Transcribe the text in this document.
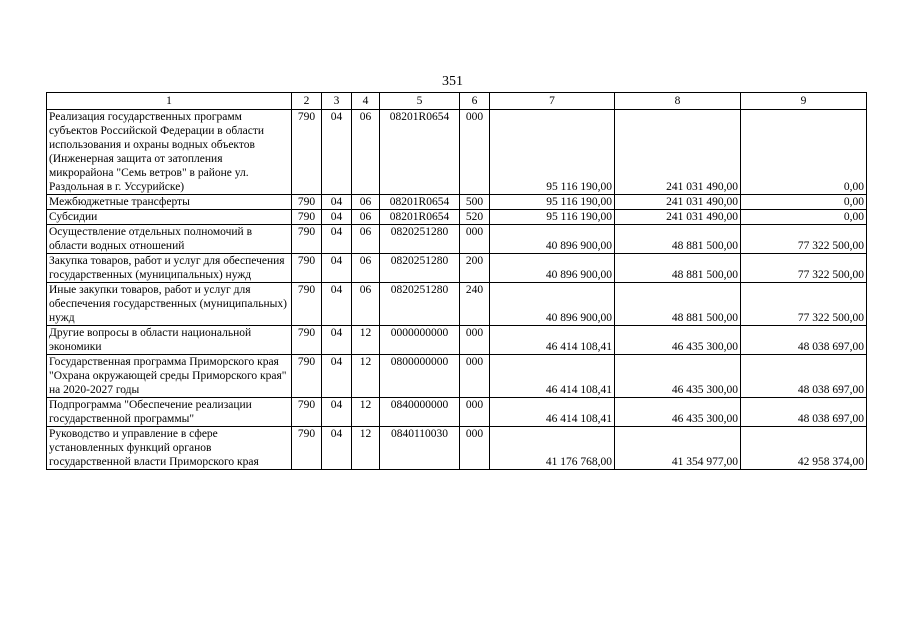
351
1	2	3	4	5	6	7	8	9
Реализация государственных программ субъектов Российской Федерации в области использования и охраны водных объектов (Инженерная защита от затопления микрорайона "Семь ветров" в районе ул. Раздольная в г. Уссурийске)	790	04	06	08201R0654	000	95 116 190,00	241 031 490,00	0,00
Межбюджетные трансферты	790	04	06	08201R0654	500	95 116 190,00	241 031 490,00	0,00
Субсидии	790	04	06	08201R0654	520	95 116 190,00	241 031 490,00	0,00
Осуществление отдельных полномочий в области водных отношений	790	04	06	0820251280	000	40 896 900,00	48 881 500,00	77 322 500,00
Закупка товаров, работ и услуг для обеспечения государственных (муниципальных) нужд	790	04	06	0820251280	200	40 896 900,00	48 881 500,00	77 322 500,00
Иные закупки товаров, работ и услуг для обеспечения государственных (муниципальных) нужд	790	04	06	0820251280	240	40 896 900,00	48 881 500,00	77 322 500,00
Другие вопросы в области национальной экономики	790	04	12	0000000000	000	46 414 108,41	46 435 300,00	48 038 697,00
Государственная программа Приморского края "Охрана окружающей среды Приморского края" на 2020-2027 годы	790	04	12	0800000000	000	46 414 108,41	46 435 300,00	48 038 697,00
Подпрограмма "Обеспечение реализации государственной программы"	790	04	12	0840000000	000	46 414 108,41	46 435 300,00	48 038 697,00
Руководство и управление в сфере установленных функций органов государственной власти Приморского края	790	04	12	0840110030	000	41 176 768,00	41 354 977,00	42 958 374,00
